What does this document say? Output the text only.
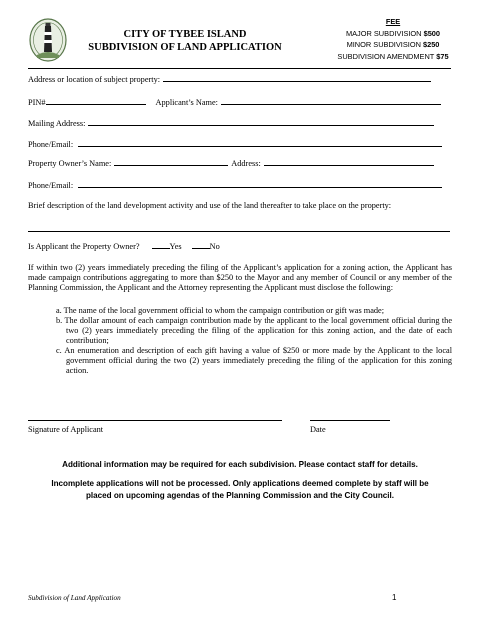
CITY OF TYBEE ISLAND
SUBDIVISION OF LAND APPLICATION
FEE
MAJOR SUBDIVISION $500
MINOR SUBDIVISION $250
SUBDIVISION AMENDMENT $75
Address or location of subject property:
PIN#	Applicant’s Name:
Mailing Address:
Phone/Email:
Property Owner’s Name:	Address:
Phone/Email:
Brief description of the land development activity and use of the land thereafter to take place on the property:
Is Applicant the Property Owner?	Yes	No
If within two (2) years immediately preceding the filing of the Applicant’s application for a zoning action, the Applicant has made campaign contributions aggregating to more than $250 to the Mayor and any member of Council or any member of the Planning Commission, the Applicant and the Attorney representing the Applicant must disclose the following:
a. The name of the local government official to whom the campaign contribution or gift was made;
b. The dollar amount of each campaign contribution made by the applicant to the local government official during the two (2) years immediately preceding the filing of the application for this zoning action, and the date of each contribution;
c. An enumeration and description of each gift having a value of $250 or more made by the Applicant to the local government official during the two (2) years immediately preceding the filing of the application for this zoning action.
Signature of Applicant	Date
Additional information may be required for each subdivision. Please contact staff for details.
Incomplete applications will not be processed. Only applications deemed complete by staff will be placed on upcoming agendas of the Planning Commission and the City Council.
Subdivision of Land Application	1
